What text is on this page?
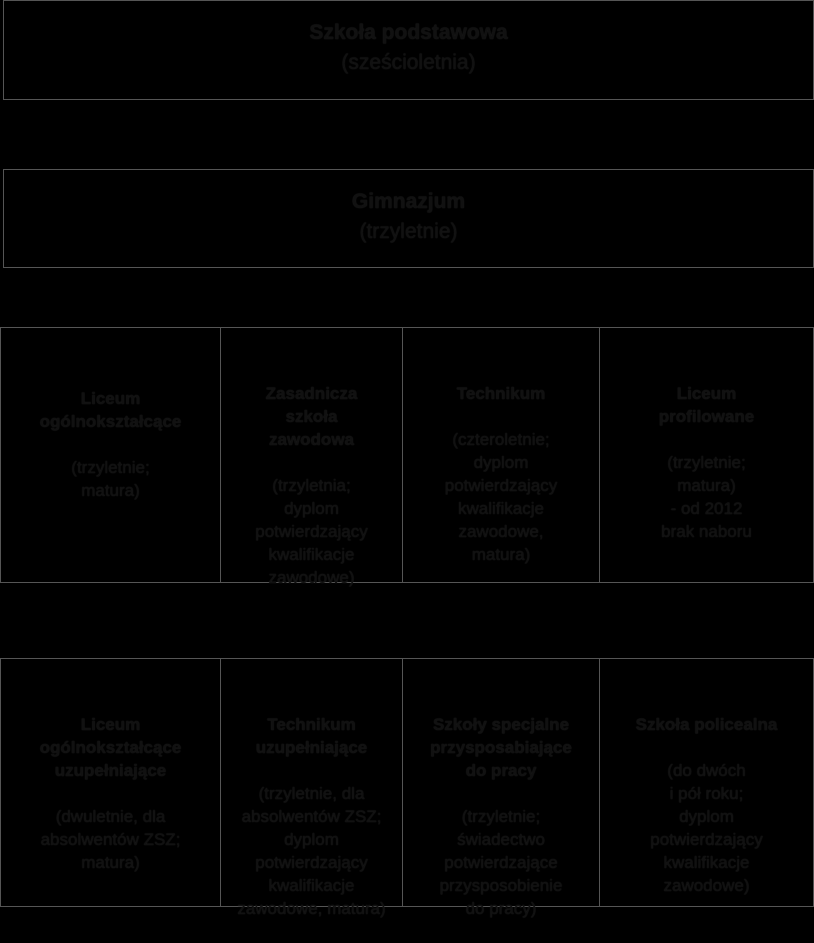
Szkoła podstawowa
(sześcioletnia)
Gimnazjum
(trzyletnie)

Liceum
ogólnokształcące

(trzyletnie;
matura)

Zasadnicza
szkoła
zawodowa

(trzyletnia;
dyplom
potwierdzający
kwalifikacje
zawodowe)

Technikum

(czteroletnie;
dyplom
potwierdzający
kwalifikacje
zawodowe,
matura)

Liceum
profilowane

(trzyletnie;
matura)
- od 2012
brak naboru

Liceum
ogólnokształcące
uzupełniające

(dwuletnie, dla
absolwentów ZSZ;
matura)

Technikum
uzupełniające

(trzyletnie, dla
absolwentów ZSZ;
dyplom
potwierdzający
kwalifikacje
zawodowe, matura)

Szkoły specjalne
przysposabiające
do pracy

(trzyletnie;
świadectwo
potwierdzające
przysposobienie
do pracy)

Szkoła policealna

(do dwóch
i pół roku;
dyplom
potwierdzający
kwalifikacje
zawodowe)
